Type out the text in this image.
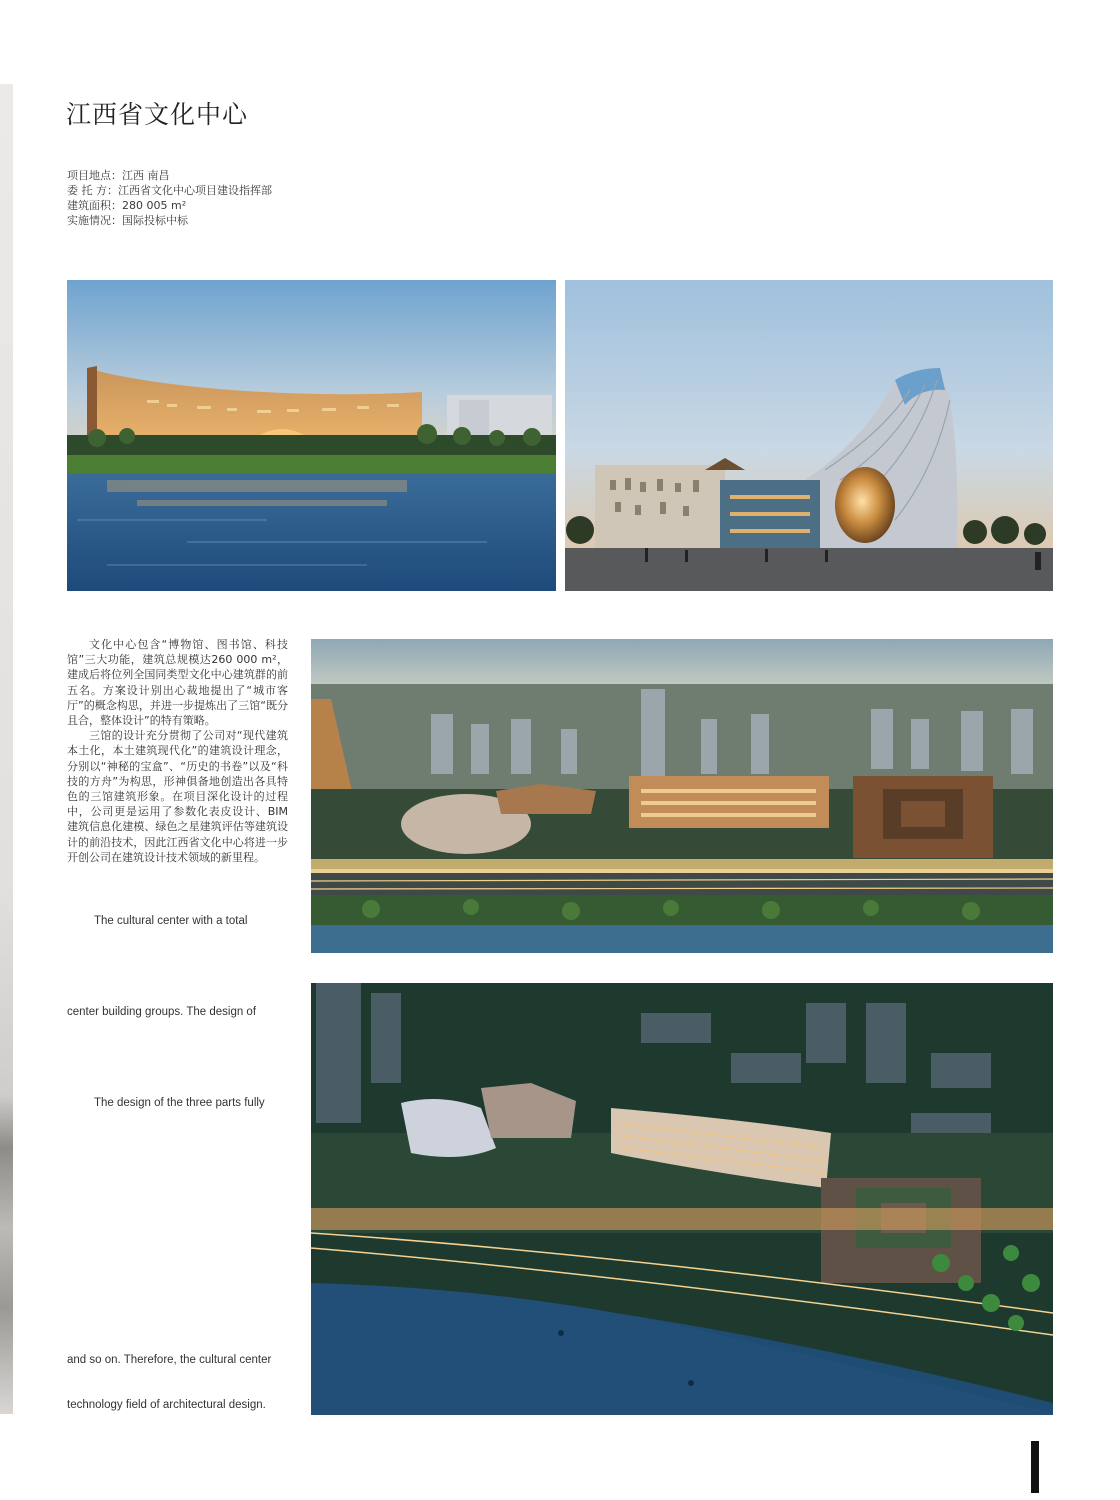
江西省文化中心
项目地点：江西 南昌
委 托 方：江西省文化中心项目建设指挥部
建筑面积：280 005 m²
实施情况：国际投标中标

文化中心包含“博物馆、图书馆、科技馆”三大功能，建筑总规模达260 000 m²，建成后将位列全国同类型文化中心建筑群的前五名。方案设计别出心裁地提出了“城市客厅”的概念构思，并进一步提炼出了三馆“既分且合，整体设计”的特有策略。

三馆的设计充分贯彻了公司对“现代建筑本土化，本土建筑现代化”的建筑设计理念，分别以“神秘的宝盒”、“历史的书卷”以及“科技的方舟”为构思，形神俱备地创造出各具特色的三馆建筑形象。在项目深化设计的过程中，公司更是运用了参数化表皮设计、BIM 建筑信息化建模、绿色之星建筑评估等建筑设计的前沿技术，因此江西省文化中心将进一步开创公司在建筑设计技术领域的新里程。

The cultural center with a total
center building groups. The design of
The design of the three parts fully
and so on. Therefore, the cultural center
technology field of architectural design.
